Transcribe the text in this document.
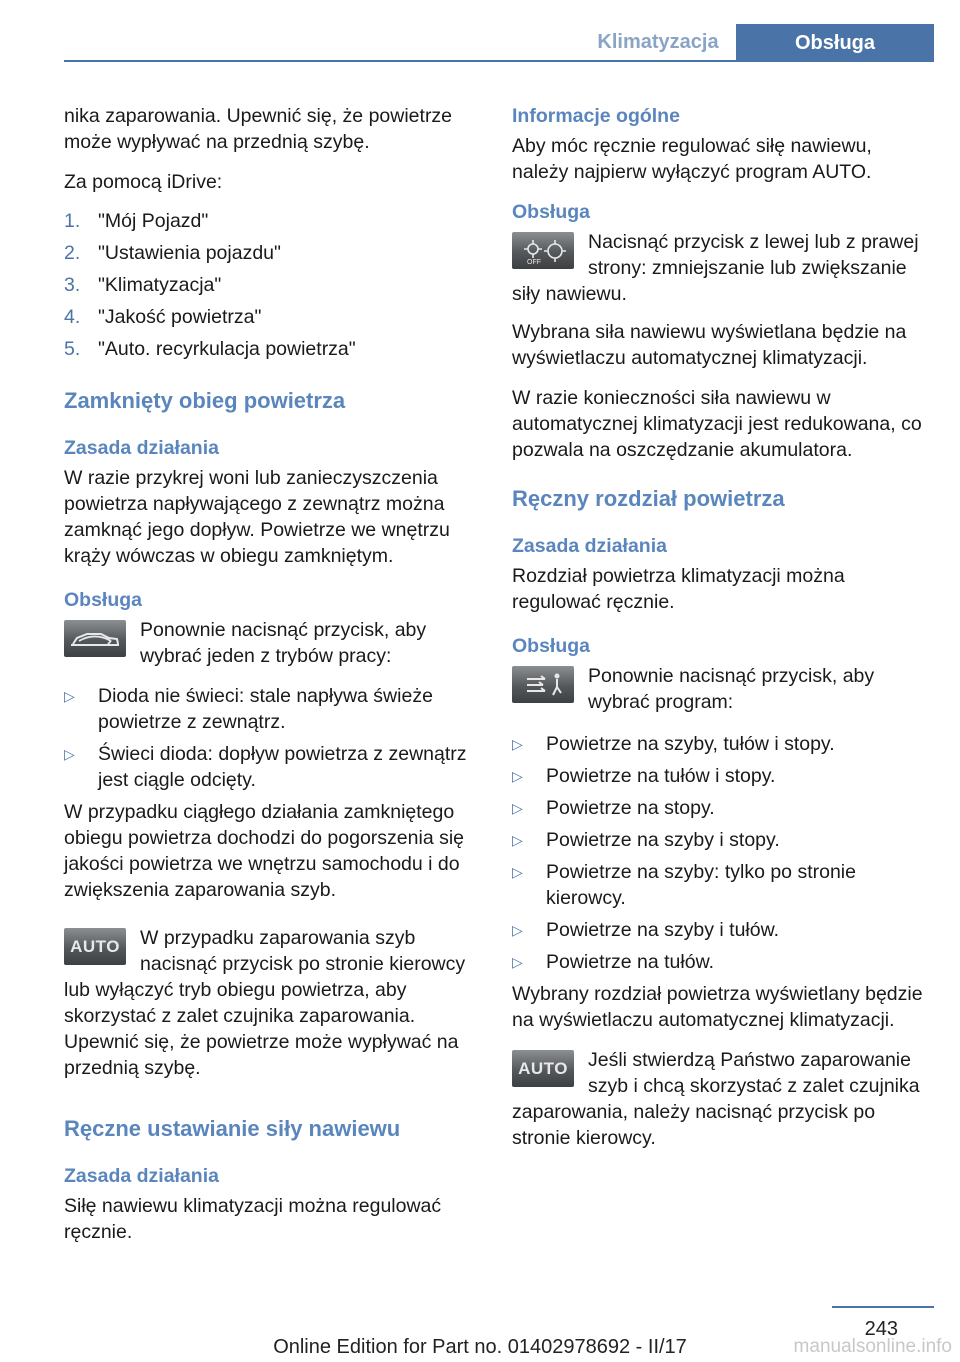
Klimatyzacja	Obsługa

nika zaparowania. Upewnić się, że powietrze może wypływać na przednią szybę.

Za pomocą iDrive:

1. "Mój Pojazd"
2. "Ustawienia pojazdu"
3. "Klimatyzacja"
4. "Jakość powietrza"
5. "Auto. recyrkulacja powietrza"
Zamknięty obieg powietrza
Zasada działania

W razie przykrej woni lub zanieczyszczenia powietrza napływającego z zewnątrz można zamknąć jego dopływ. Powietrze we wnętrzu krąży wówczas w obiegu zamkniętym.

Obsługa
Ponownie nacisnąć przycisk, aby wybrać jeden z trybów pracy:
▷	Dioda nie świeci: stale napływa świeże powietrze z zewnątrz.
▷	Świeci dioda: dopływ powietrza z zewnątrz jest ciągle odcięty.

W przypadku ciągłego działania zamkniętego obiegu powietrza dochodzi do pogorszenia się jakości powietrza we wnętrzu samochodu i do zwiększenia zaparowania szyb.

AUTO	W przypadku zaparowania szyb nacisnąć przycisk po stronie kierowcy lub wyłączyć tryb obiegu powietrza, aby skorzystać z zalet czujnika zaparowania. Upewnić się, że powietrze może wypływać na przednią szybę.
Ręczne ustawianie siły nawiewu
Zasada działania

Siłę nawiewu klimatyzacji można regulować ręcznie.

Informacje ogólne

Aby móc ręcznie regulować siłę nawiewu, należy najpierw wyłączyć program AUTO.

Obsługa
OFF
Nacisnąć przycisk z lewej lub z prawej strony: zmniejszanie lub zwiększanie siły nawiewu.

Wybrana siła nawiewu wyświetlana będzie na wyświetlaczu automatycznej klimatyzacji.

W razie konieczności siła nawiewu w automatycznej klimatyzacji jest redukowana, co pozwala na oszczędzanie akumulatora.

Ręczny rozdział powietrza
Zasada działania

Rozdział powietrza klimatyzacji można regulować ręcznie.

Obsługa
Ponownie nacisnąć przycisk, aby wybrać program:
▷	Powietrze na szyby, tułów i stopy.
▷	Powietrze na tułów i stopy.
▷	Powietrze na stopy.
▷	Powietrze na szyby i stopy.
▷	Powietrze na szyby: tylko po stronie kierowcy.
▷	Powietrze na szyby i tułów.
▷	Powietrze na tułów.

Wybrany rozdział powietrza wyświetlany będzie na wyświetlaczu automatycznej klimatyzacji.

AUTO	Jeśli stwierdzą Państwo zaparowanie szyb i chcą skorzystać z zalet czujnika zaparowania, należy nacisnąć przycisk po stronie kierowcy.
243
Online Edition for Part no. 01402978692 - II/17	manualsonline.info
